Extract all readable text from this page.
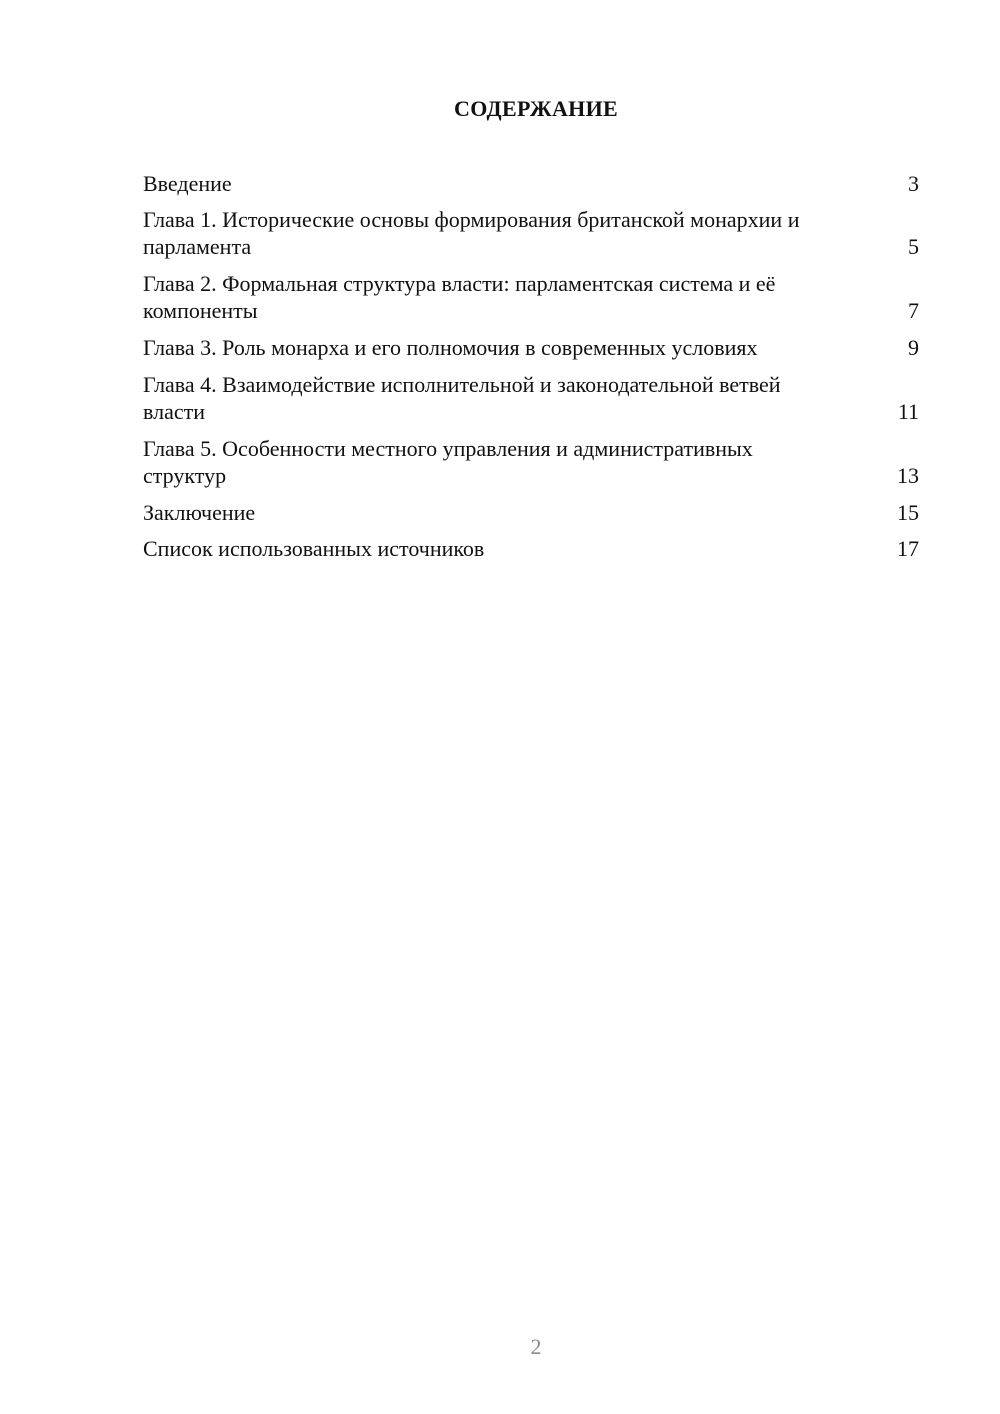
СОДЕРЖАНИЕ
Введение	3
Глава 1. Исторические основы формирования британской монархии и парламента	5
Глава 2. Формальная структура власти: парламентская система и её компоненты	7
Глава 3. Роль монарха и его полномочия в современных условиях	9
Глава 4. Взаимодействие исполнительной и законодательной ветвей власти	11
Глава 5. Особенности местного управления и административных структур	13
Заключение	15
Список использованных источников	17

2
